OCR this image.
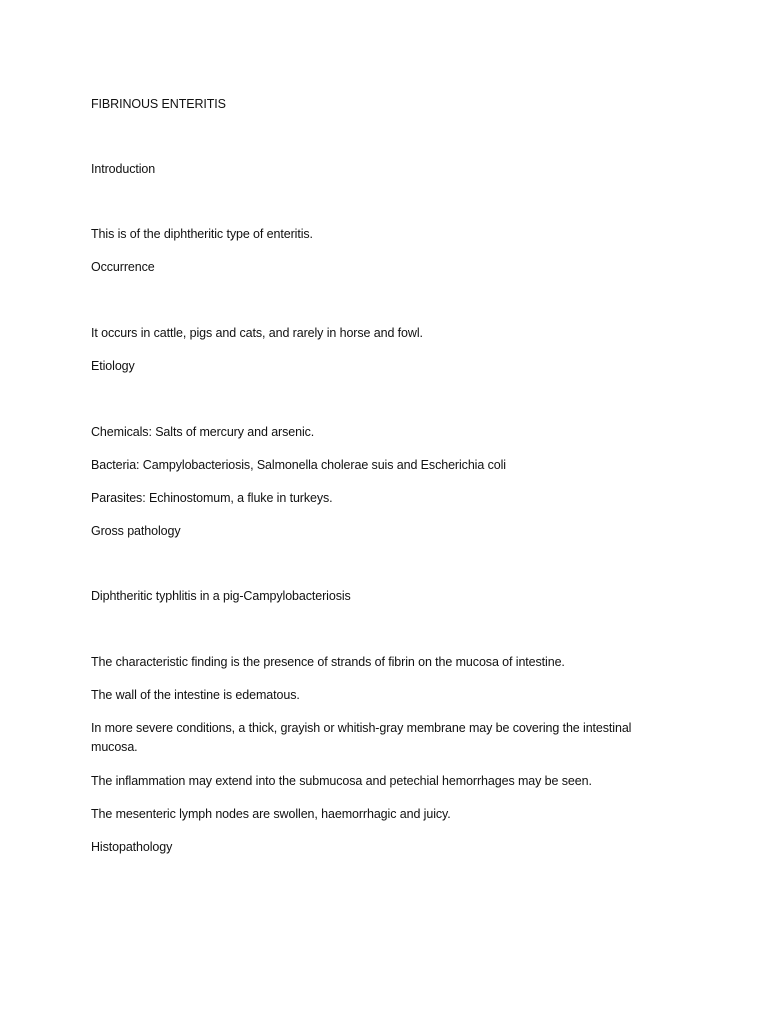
FIBRINOUS ENTERITIS
Introduction
This is of the diphtheritic type of enteritis.
Occurrence
It occurs in cattle, pigs and cats, and rarely in horse and fowl.
Etiology
Chemicals: Salts of mercury and arsenic.
Bacteria: Campylobacteriosis, Salmonella cholerae suis and Escherichia coli
Parasites: Echinostomum, a fluke in turkeys.
Gross pathology
Diphtheritic typhlitis in a pig-Campylobacteriosis
The characteristic finding is the presence of strands of fibrin on the mucosa of intestine.
The wall of the intestine is edematous.
In more severe conditions, a thick, grayish or whitish-gray membrane may be covering the intestinal mucosa.
The inflammation may extend into the submucosa and petechial hemorrhages may be seen.
The mesenteric lymph nodes are swollen, haemorrhagic and juicy.
Histopathology
